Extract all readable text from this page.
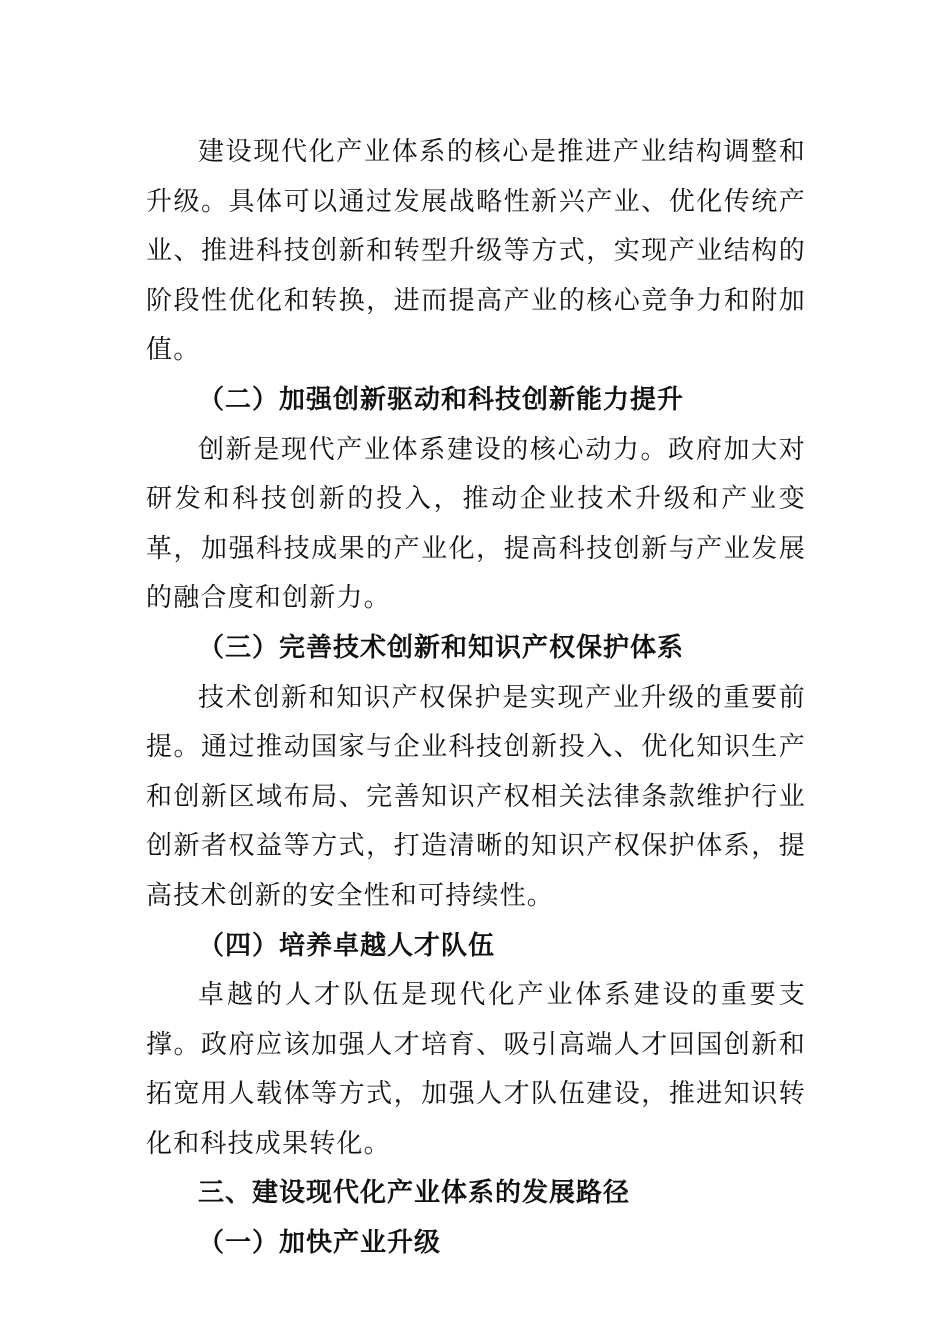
建设现代化产业体系的核心是推进产业结构调整和升级。具体可以通过发展战略性新兴产业、优化传统产业、推进科技创新和转型升级等方式，实现产业结构的阶段性优化和转换，进而提高产业的核心竞争力和附加值。

（二）加强创新驱动和科技创新能力提升

创新是现代产业体系建设的核心动力。政府加大对研发和科技创新的投入，推动企业技术升级和产业变革，加强科技成果的产业化，提高科技创新与产业发展的融合度和创新力。

（三）完善技术创新和知识产权保护体系

技术创新和知识产权保护是实现产业升级的重要前提。通过推动国家与企业科技创新投入、优化知识生产和创新区域布局、完善知识产权相关法律条款维护行业创新者权益等方式，打造清晰的知识产权保护体系，提高技术创新的安全性和可持续性。

（四）培养卓越人才队伍

卓越的人才队伍是现代化产业体系建设的重要支撑。政府应该加强人才培育、吸引高端人才回国创新和拓宽用人载体等方式，加强人才队伍建设，推进知识转化和科技成果转化。

三、建设现代化产业体系的发展路径

（一）加快产业升级
